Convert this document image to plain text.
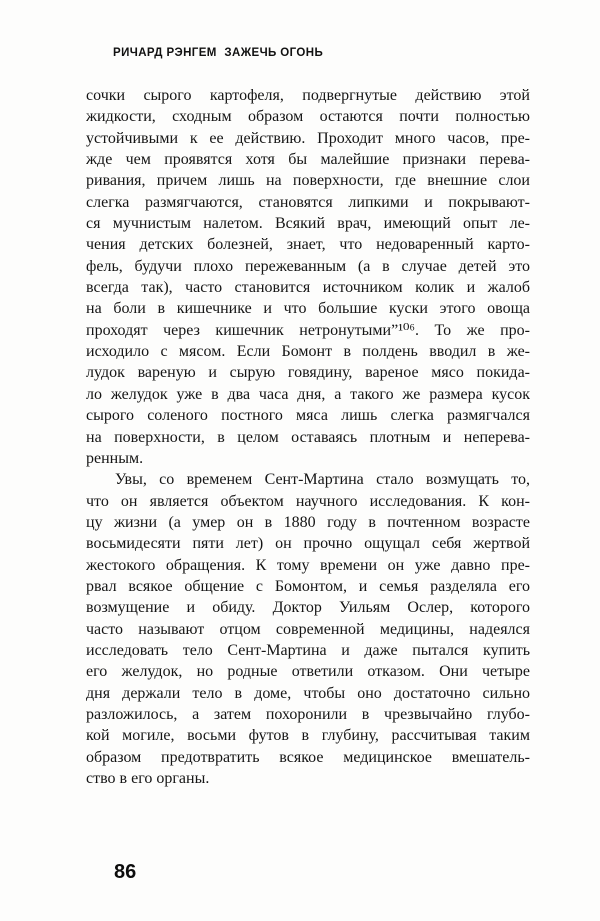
РИЧАРД РЭНГЕМ ЗАЖЕЧЬ ОГОНЬ
сочки сырого картофеля, подвергнутые действию этой
жидкости, сходным образом остаются почти полностью
устойчивыми к ее действию. Проходит много часов, пре-
жде чем проявятся хотя бы малейшие признаки перева-
ривания, причем лишь на поверхности, где внешние слои
слегка размягчаются, становятся липкими и покрывают-
ся мучнистым налетом. Всякий врач, имеющий опыт ле-
чения детских болезней, знает, что недоваренный карто-
фель, будучи плохо пережеванным (а в случае детей это
всегда так), часто становится источником колик и жалоб
на боли в кишечнике и что большие куски этого овоща
проходят через кишечник нетронутыми”¹⁰⁶. То же про-
исходило с мясом. Если Бомонт в полдень вводил в же-
лудок вареную и сырую говядину, вареное мясо покида-
ло желудок уже в два часа дня, а такого же размера кусок
сырого соленого постного мяса лишь слегка размягчался
на поверхности, в целом оставаясь плотным и неперева-
ренным.
Увы, со временем Сент-Мартина стало возмущать то,
что он является объектом научного исследования. К кон-
цу жизни (а умер он в 1880 году в почтенном возрасте
восьмидесяти пяти лет) он прочно ощущал себя жертвой
жестокого обращения. К тому времени он уже давно пре-
рвал всякое общение с Бомонтом, и семья разделяла его
возмущение и обиду. Доктор Уильям Ослер, которого
часто называют отцом современной медицины, надеялся
исследовать тело Сент-Мартина и даже пытался купить
его желудок, но родные ответили отказом. Они четыре
дня держали тело в доме, чтобы оно достаточно сильно
разложилось, а затем похоронили в чрезвычайно глубо-
кой могиле, восьми футов в глубину, рассчитывая таким
образом предотвратить всякое медицинское вмешатель-
ство в его органы.
86
